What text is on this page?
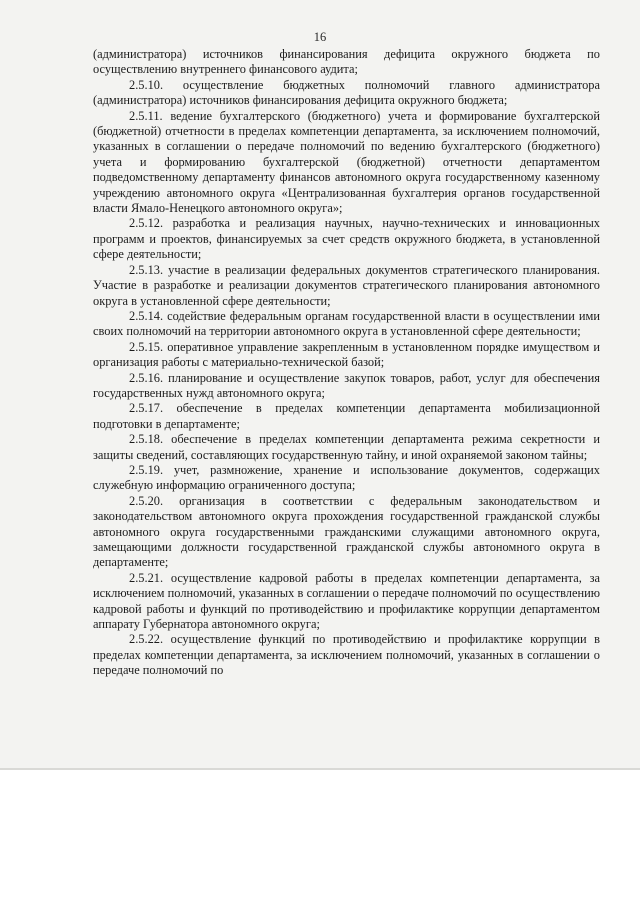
16

(администратора) источников финансирования дефицита окружного бюджета по осуществлению внутреннего финансового аудита;

2.5.10. осуществление бюджетных полномочий главного администратора (администратора) источников финансирования дефицита окружного бюджета;

2.5.11. ведение бухгалтерского (бюджетного) учета и формирование бухгалтерской (бюджетной) отчетности в пределах компетенции департамента, за исключением полномочий, указанных в соглашении о передаче полномочий по ведению бухгалтерского (бюджетного) учета и формированию бухгалтерской (бюджетной) отчетности департаментом подведомственному департаменту финансов автономного округа государственному казенному учреждению автономного округа «Централизованная бухгалтерия органов государственной власти Ямало-Ненецкого автономного округа»;

2.5.12. разработка и реализация научных, научно-технических и инновационных программ и проектов, финансируемых за счет средств окружного бюджета, в установленной сфере деятельности;

2.5.13. участие в реализации федеральных документов стратегического планирования. Участие в разработке и реализации документов стратегического планирования автономного округа в установленной сфере деятельности;

2.5.14. содействие федеральным органам государственной власти в осуществлении ими своих полномочий на территории автономного округа в установленной сфере деятельности;

2.5.15. оперативное управление закрепленным в установленном порядке имуществом и организация работы с материально-технической базой;

2.5.16. планирование и осуществление закупок товаров, работ, услуг для обеспечения государственных нужд автономного округа;

2.5.17. обеспечение в пределах компетенции департамента мобилизационной подготовки в департаменте;

2.5.18. обеспечение в пределах компетенции департамента режима секретности и защиты сведений, составляющих государственную тайну, и иной охраняемой законом тайны;

2.5.19. учет, размножение, хранение и использование документов, содержащих служебную информацию ограниченного доступа;

2.5.20. организация в соответствии с федеральным законодательством и законодательством автономного округа прохождения государственной гражданской службы автономного округа государственными гражданскими служащими автономного округа, замещающими должности государственной гражданской службы автономного округа в департаменте;

2.5.21. осуществление кадровой работы в пределах компетенции департамента, за исключением полномочий, указанных в соглашении о передаче полномочий по осуществлению кадровой работы и функций по противодействию и профилактике коррупции департаментом аппарату Губернатора автономного округа;

2.5.22. осуществление функций по противодействию и профилактике коррупции в пределах компетенции департамента, за исключением полномочий, указанных в соглашении о передаче полномочий по
